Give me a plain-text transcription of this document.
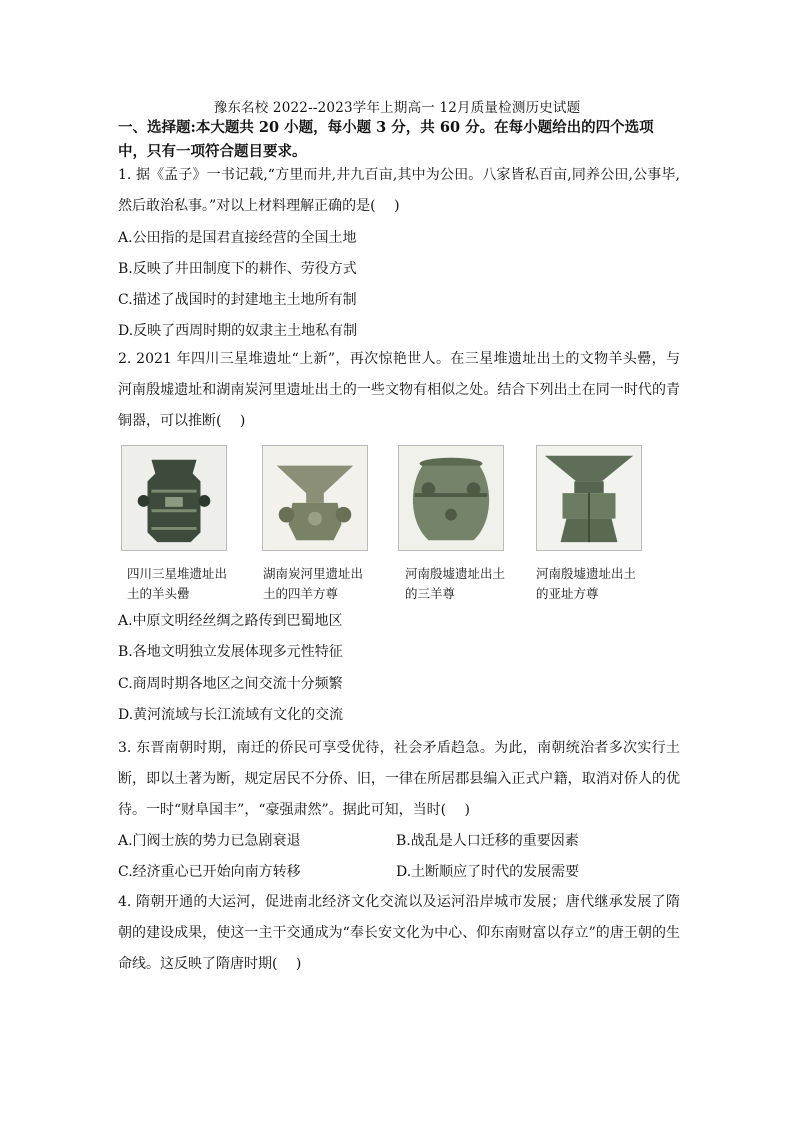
豫东名校 2022--2023学年上期高一 12月质量检测历史试题
一、选择题:本大题共 20 小题，每小题 3 分，共 60 分。在每小题给出的四个选项中，只有一项符合题目要求。
1. 据《孟子》一书记载,“方里而井,井九百亩,其中为公田。八家皆私百亩,同养公田,公事毕,然后敢治私事。”对以上材料理解正确的是(　 )
A.公田指的是国君直接经营的全国土地
B.反映了井田制度下的耕作、劳役方式
C.描述了战国时的封建地主土地所有制
D.反映了西周时期的奴隶主土地私有制
2. 2021 年四川三星堆遗址“上新”，再次惊艳世人。在三星堆遗址出土的文物羊头罍，与河南殷墟遗址和湖南炭河里遗址出土的一些文物有相似之处。结合下列出土在同一时代的青铜器，可以推断(　 )
四川三星堆遗址出土的羊头罍
湖南炭河里遗址出土的四羊方尊
河南殷墟遗址出土的三羊尊
河南殷墟遗址出土的亚址方尊
A.中原文明经丝绸之路传到巴蜀地区
B.各地文明独立发展体现多元性特征
C.商周时期各地区之间交流十分频繁
D.黄河流域与长江流域有文化的交流
3. 东晋南朝时期，南迁的侨民可享受优待，社会矛盾趋急。为此，南朝统治者多次实行土断，即以土著为断，规定居民不分侨、旧，一律在所居郡县编入正式户籍，取消对侨人的优待。一时“财阜国丰”，“豪强肃然”。据此可知，当时(　 )
A.门阀士族的势力已急剧衰退	B.战乱是人口迁移的重要因素
C.经济重心已开始向南方转移	D.土断顺应了时代的发展需要
4. 隋朝开通的大运河，促进南北经济文化交流以及运河沿岸城市发展；唐代继承发展了隋朝的建设成果，使这一主干交通成为“奉长安文化为中心、仰东南财富以存立”的唐王朝的生命线。这反映了隋唐时期(　 )
